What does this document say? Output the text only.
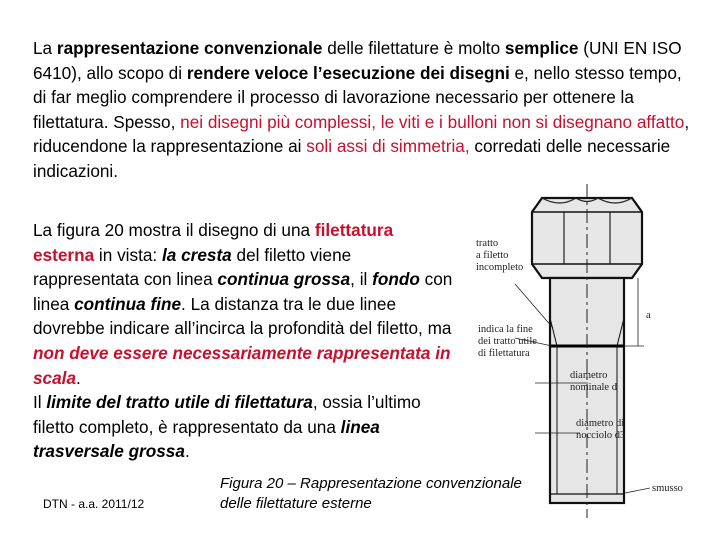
La rappresentazione convenzionale delle filettature è molto semplice (UNI EN ISO 6410), allo scopo di rendere veloce l’esecuzione dei disegni e, nello stesso tempo, di far meglio comprendere il processo di lavorazione necessario per ottenere la filettatura. Spesso, nei disegni più complessi, le viti e i bulloni non si disegnano affatto, riducendone la rappresentazione ai soli assi di simmetria, corredati delle necessarie indicazioni.
La figura 20 mostra il disegno di una filettatura esterna in vista: la cresta del filetto viene rappresentata con linea continua grossa, il fondo con linea continua fine. La distanza tra le due linee dovrebbe indicare all’incirca la profondità del filetto, ma non deve essere necessariamente rappresentata in scala.
Il limite del tratto utile di filettatura, ossia l’ultimo filetto completo, è rappresentato da una linea trasversale grossa.
a
tratto
a filetto
incompleto
indica la fine
dei tratto utile
di filettatura
diametro
nominale d
diametro di
nocciolo d3
smusso
DTN - a.a. 2011/12
Figura 20 – Rappresentazione convenzionale delle filettature esterne
